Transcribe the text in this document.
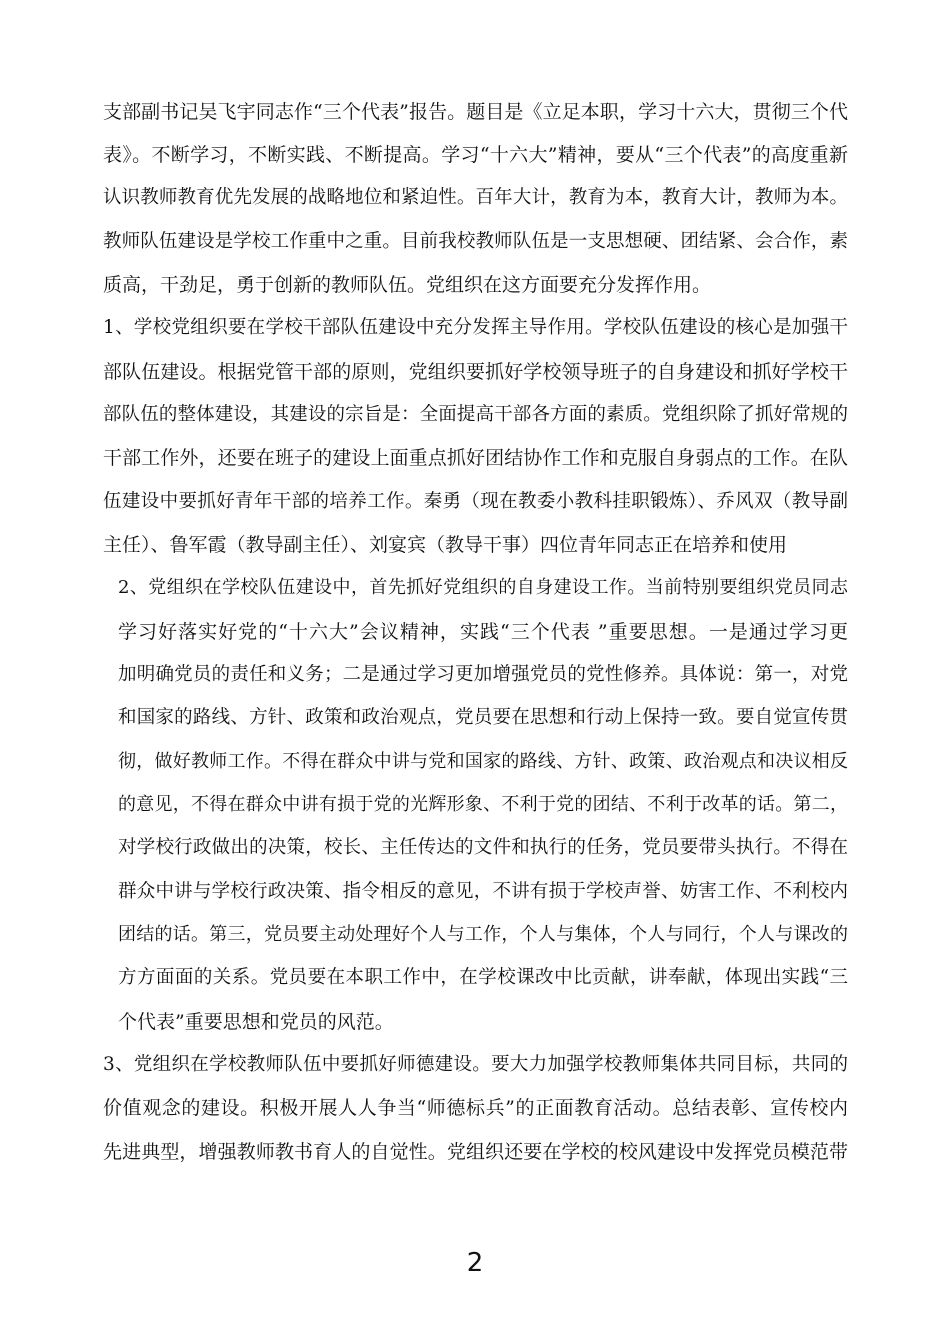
支部副书记吴飞宇同志作“三个代表”报告。题目是《立足本职，学习十六大，贯彻三个代
表》。不断学习，不断实践、不断提高。学习“十六大”精神，要从“三个代表”的高度重新
认识教师教育优先发展的战略地位和紧迫性。百年大计，教育为本，教育大计，教师为本。
教师队伍建设是学校工作重中之重。目前我校教师队伍是一支思想硬、团结紧、会合作，素
质高，干劲足，勇于创新的教师队伍。党组织在这方面要充分发挥作用。
1、学校党组织要在学校干部队伍建设中充分发挥主导作用。学校队伍建设的核心是加强干
部队伍建设。根据党管干部的原则，党组织要抓好学校领导班子的自身建设和抓好学校干
部队伍的整体建设，其建设的宗旨是：全面提高干部各方面的素质。党组织除了抓好常规的
干部工作外，还要在班子的建设上面重点抓好团结协作工作和克服自身弱点的工作。在队
伍建设中要抓好青年干部的培养工作。秦勇（现在教委小教科挂职锻炼）、乔风双（教导副
主任）、鲁军霞（教导副主任）、刘宴宾（教导干事）四位青年同志正在培养和使用
2、党组织在学校队伍建设中，首先抓好党组织的自身建设工作。当前特别要组织党员同志
学习好落实好党的“十六大”会议精神，实践“三个代表 ”重要思想。一是通过学习更
加明确党员的责任和义务；二是通过学习更加增强党员的党性修养。具体说：第一，对党
和国家的路线、方针、政策和政治观点，党员要在思想和行动上保持一致。要自觉宣传贯
彻，做好教师工作。不得在群众中讲与党和国家的路线、方针、政策、政治观点和决议相反
的意见，不得在群众中讲有损于党的光辉形象、不利于党的团结、不利于改革的话。第二，
对学校行政做出的决策，校长、主任传达的文件和执行的任务，党员要带头执行。不得在
群众中讲与学校行政决策、指令相反的意见，不讲有损于学校声誉、妨害工作、不利校内
团结的话。第三，党员要主动处理好个人与工作，个人与集体，个人与同行，个人与课改的
方方面面的关系。党员要在本职工作中，在学校课改中比贡献，讲奉献，体现出实践“三
个代表”重要思想和党员的风范。
3、党组织在学校教师队伍中要抓好师德建设。要大力加强学校教师集体共同目标，共同的
价值观念的建设。积极开展人人争当“师德标兵”的正面教育活动。总结表彰、宣传校内
先进典型，增强教师教书育人的自觉性。党组织还要在学校的校风建设中发挥党员模范带
2
